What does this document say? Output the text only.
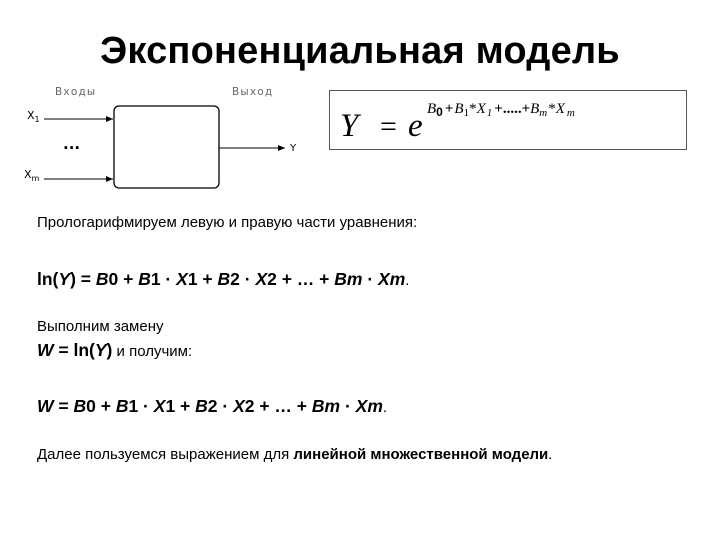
Экспоненциальная модель
Входы	Выход
$X_1$
$X_m$
...	Y
Y = e $B_0 +B_1*X_1 +.....+B_m*X$ $_m$
Прологарифмируем левую и правую части уравнения:
ln(Y) = B0 + B1 · X1 + B2 · X2 + … + Bm · Xm.
Выполним замену
W = ln(Y) и получим:
W = B0 + B1 · X1 + B2 · X2 + … + Bm · Xm.
Далее пользуемся выражением для линейной множественной модели.
